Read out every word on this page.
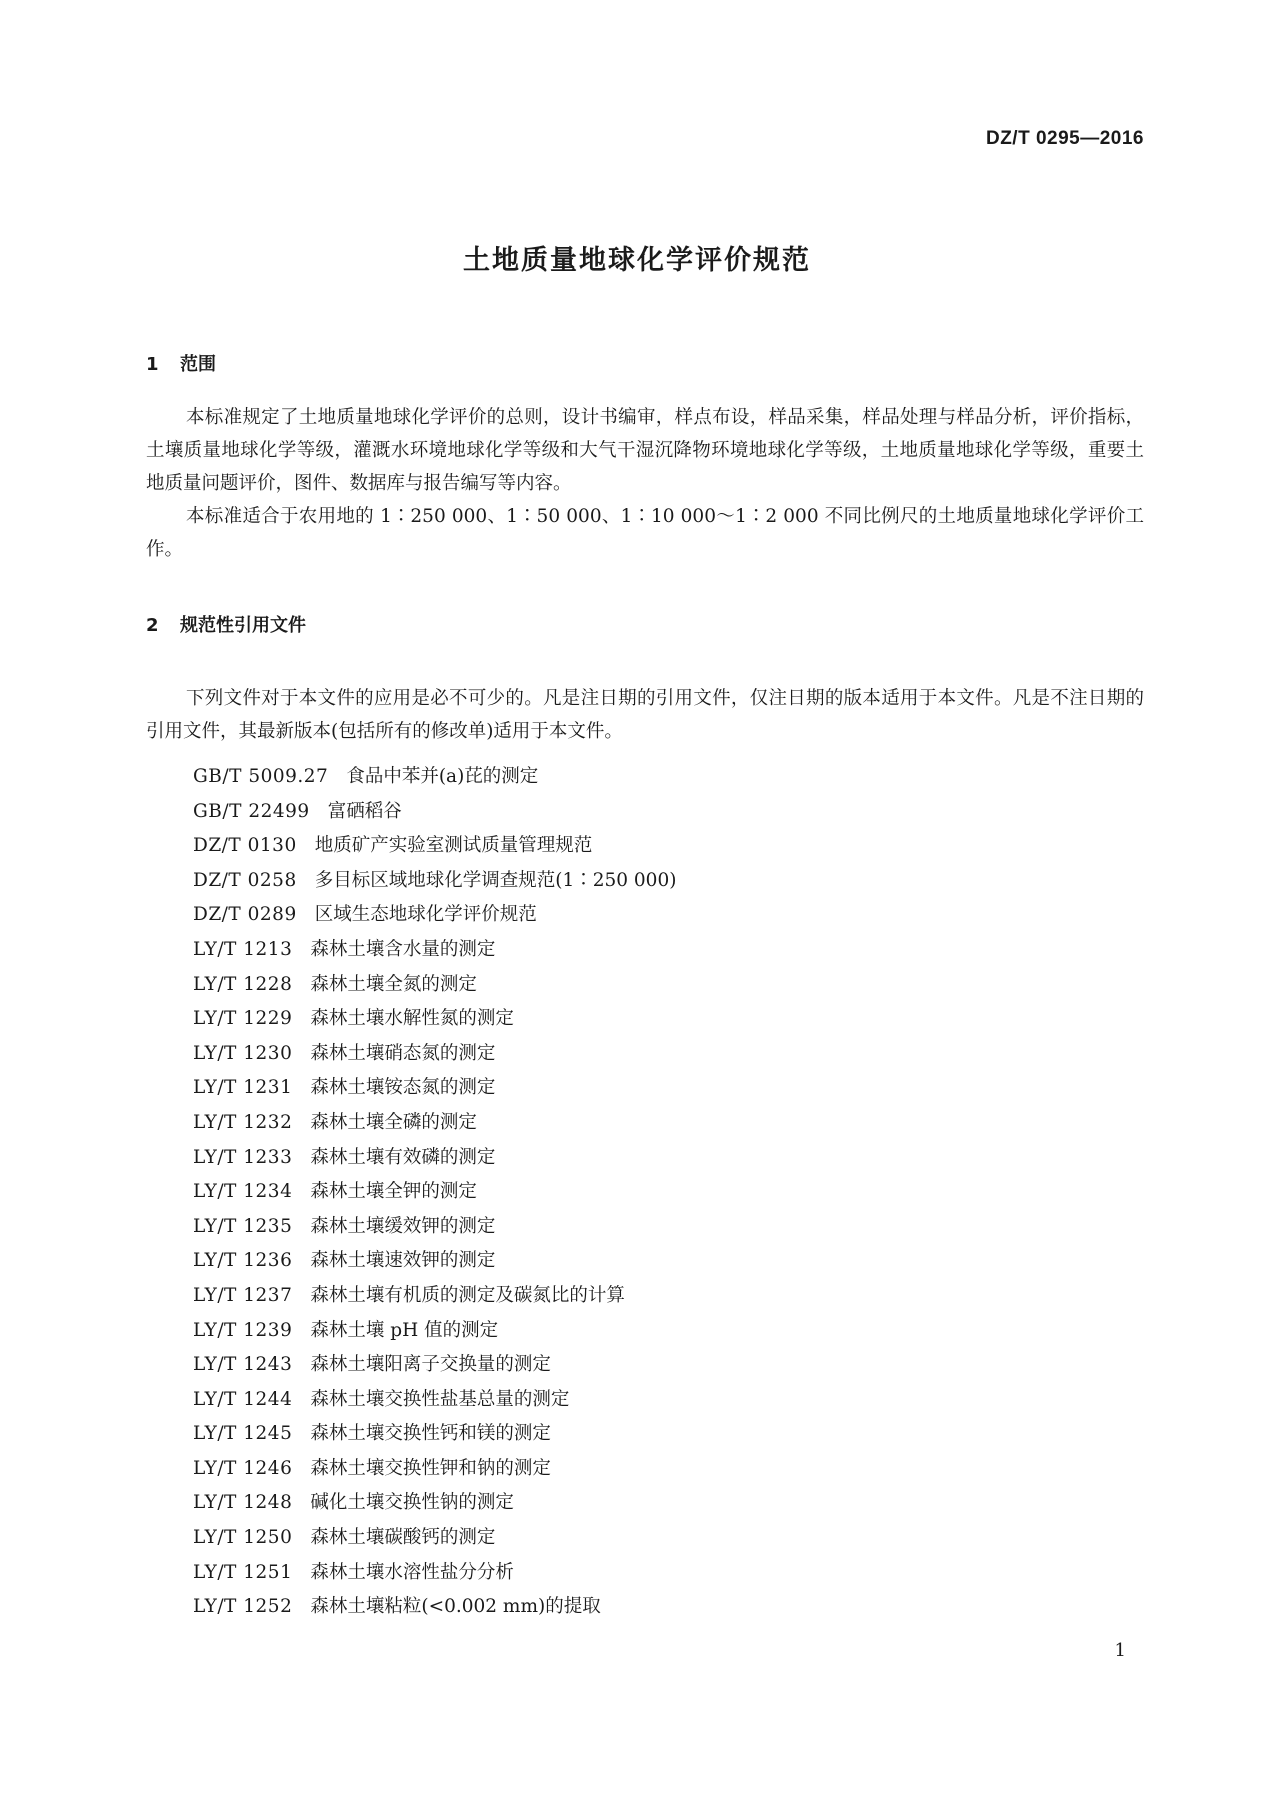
DZ/T 0295—2016
土地质量地球化学评价规范
1 范围

本标准规定了土地质量地球化学评价的总则，设计书编审，样点布设，样品采集，样品处理与样品分析，评价指标，土壤质量地球化学等级，灌溉水环境地球化学等级和大气干湿沉降物环境地球化学等级，土地质量地球化学等级，重要土地质量问题评价，图件、数据库与报告编写等内容。

本标准适合于农用地的 1∶250 000、1∶50 000、1∶10 000～1∶2 000 不同比例尺的土地质量地球化学评价工作。

2 规范性引用文件

下列文件对于本文件的应用是必不可少的。凡是注日期的引用文件，仅注日期的版本适用于本文件。凡是不注日期的引用文件，其最新版本(包括所有的修改单)适用于本文件。

GB/T 5009.27 食品中苯并(a)芘的测定
GB/T 22499 富硒稻谷
DZ/T 0130 地质矿产实验室测试质量管理规范
DZ/T 0258 多目标区域地球化学调查规范(1∶250 000)
DZ/T 0289 区域生态地球化学评价规范
LY/T 1213 森林土壤含水量的测定
LY/T 1228 森林土壤全氮的测定
LY/T 1229 森林土壤水解性氮的测定
LY/T 1230 森林土壤硝态氮的测定
LY/T 1231 森林土壤铵态氮的测定
LY/T 1232 森林土壤全磷的测定
LY/T 1233 森林土壤有效磷的测定
LY/T 1234 森林土壤全钾的测定
LY/T 1235 森林土壤缓效钾的测定
LY/T 1236 森林土壤速效钾的测定
LY/T 1237 森林土壤有机质的测定及碳氮比的计算
LY/T 1239 森林土壤 pH 值的测定
LY/T 1243 森林土壤阳离子交换量的测定
LY/T 1244 森林土壤交换性盐基总量的测定
LY/T 1245 森林土壤交换性钙和镁的测定
LY/T 1246 森林土壤交换性钾和钠的测定
LY/T 1248 碱化土壤交换性钠的测定
LY/T 1250 森林土壤碳酸钙的测定
LY/T 1251 森林土壤水溶性盐分分析
LY/T 1252 森林土壤粘粒(<0.002 mm)的提取
1
